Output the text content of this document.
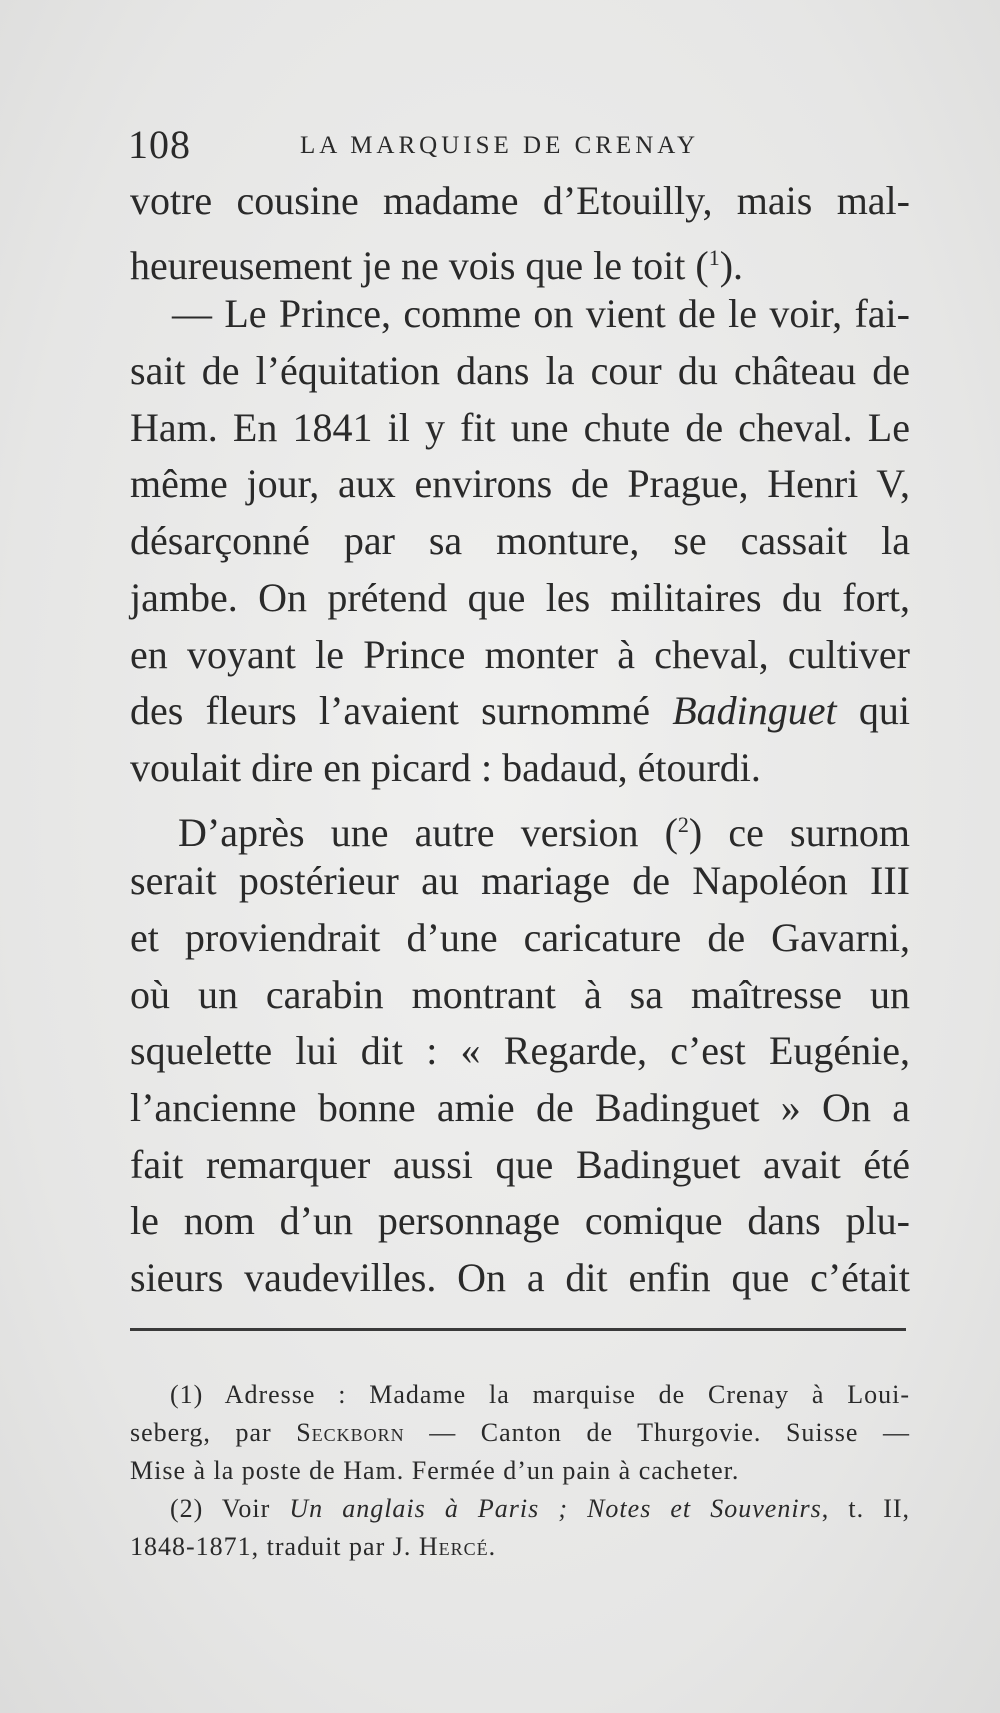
108	LA MARQUISE DE CRENAY
votre cousine madame d’Etouilly, mais mal-
heureusement je ne vois que le toit ($^1$).
— Le Prince, comme on vient de le voir, fai-
sait de l’équitation dans la cour du château de
Ham. En 1841 il y fit une chute de cheval. Le
même jour, aux environs de Prague, Henri V,
désarçonné par sa monture, se cassait la
jambe. On prétend que les militaires du fort,
en voyant le Prince monter à cheval, cultiver
des fleurs l’avaient surnommé Badinguet qui
voulait dire en picard : badaud, étourdi.
D’après une autre version ($^2$) ce surnom
serait postérieur au mariage de Napoléon III
et proviendrait d’une caricature de Gavarni,
où un carabin montrant à sa maîtresse un
squelette lui dit : « Regarde, c’est Eugénie,
l’ancienne bonne amie de Badinguet » On a
fait remarquer aussi que Badinguet avait été
le nom d’un personnage comique dans plu-
sieurs vaudevilles. On a dit enfin que c’était
(1) Adresse : Madame la marquise de Crenay à Loui-
seberg, par Seckborn — Canton de Thurgovie. Suisse —
Mise à la poste de Ham. Fermée d’un pain à cacheter.
(2) Voir Un anglais à Paris ; Notes et Souvenirs, t. II,
1848-1871, traduit par J. Hercé.
